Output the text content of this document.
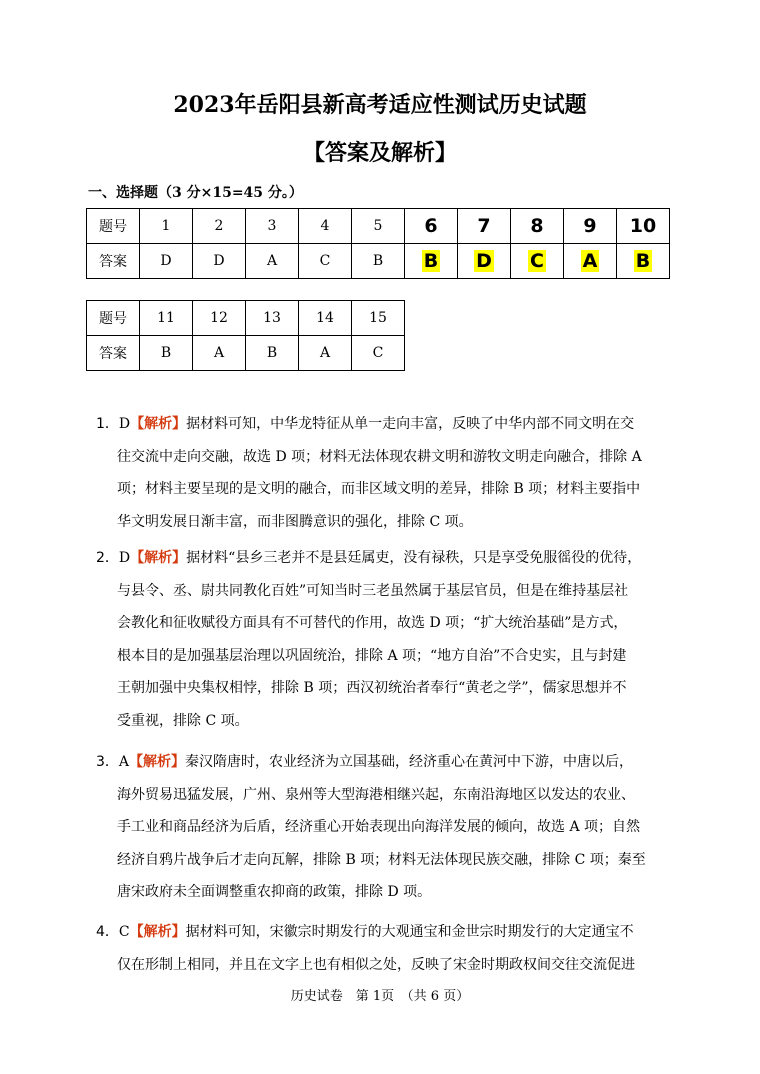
2023年岳阳县新高考适应性测试历史试题
【答案及解析】
一、选择题（3 分×15=45 分。）
题号	1	2	3	4	5	6	7	8	9	10
答案	D	D	A	C	B	B	D	C	A	B
题号	11	12	13	14	15
答案	B	A	B	A	C
1．D【解析】据材料可知，中华龙特征从单一走向丰富，反映了中华内部不同文明在交
往交流中走向交融，故选 D 项；材料无法体现农耕文明和游牧文明走向融合，排除 A
项；材料主要呈现的是文明的融合，而非区域文明的差异，排除 B 项；材料主要指中
华文明发展日渐丰富，而非图腾意识的强化，排除 C 项。
2．D【解析】据材料“县乡三老并不是县廷属吏，没有禄秩，只是享受免服徭役的优待，
与县令、丞、尉共同教化百姓”可知当时三老虽然属于基层官员，但是在维持基层社
会教化和征收赋役方面具有不可替代的作用，故选 D 项；“扩大统治基础”是方式，
根本目的是加强基层治理以巩固统治，排除 A 项；“地方自治”不合史实，且与封建
王朝加强中央集权相悖，排除 B 项；西汉初统治者奉行“黄老之学”，儒家思想并不
受重视，排除 C 项。
3．A【解析】秦汉隋唐时，农业经济为立国基础，经济重心在黄河中下游，中唐以后，
海外贸易迅猛发展，广州、泉州等大型海港相继兴起，东南沿海地区以发达的农业、
手工业和商品经济为后盾，经济重心开始表现出向海洋发展的倾向，故选 A 项；自然
经济自鸦片战争后才走向瓦解，排除 B 项；材料无法体现民族交融，排除 C 项；秦至
唐宋政府未全面调整重农抑商的政策，排除 D 项。
4．C【解析】据材料可知，宋徽宗时期发行的大观通宝和金世宗时期发行的大定通宝不
仅在形制上相同，并且在文字上也有相似之处，反映了宋金时期政权间交往交流促进
历史试卷　第 1页　（共 6 页）
